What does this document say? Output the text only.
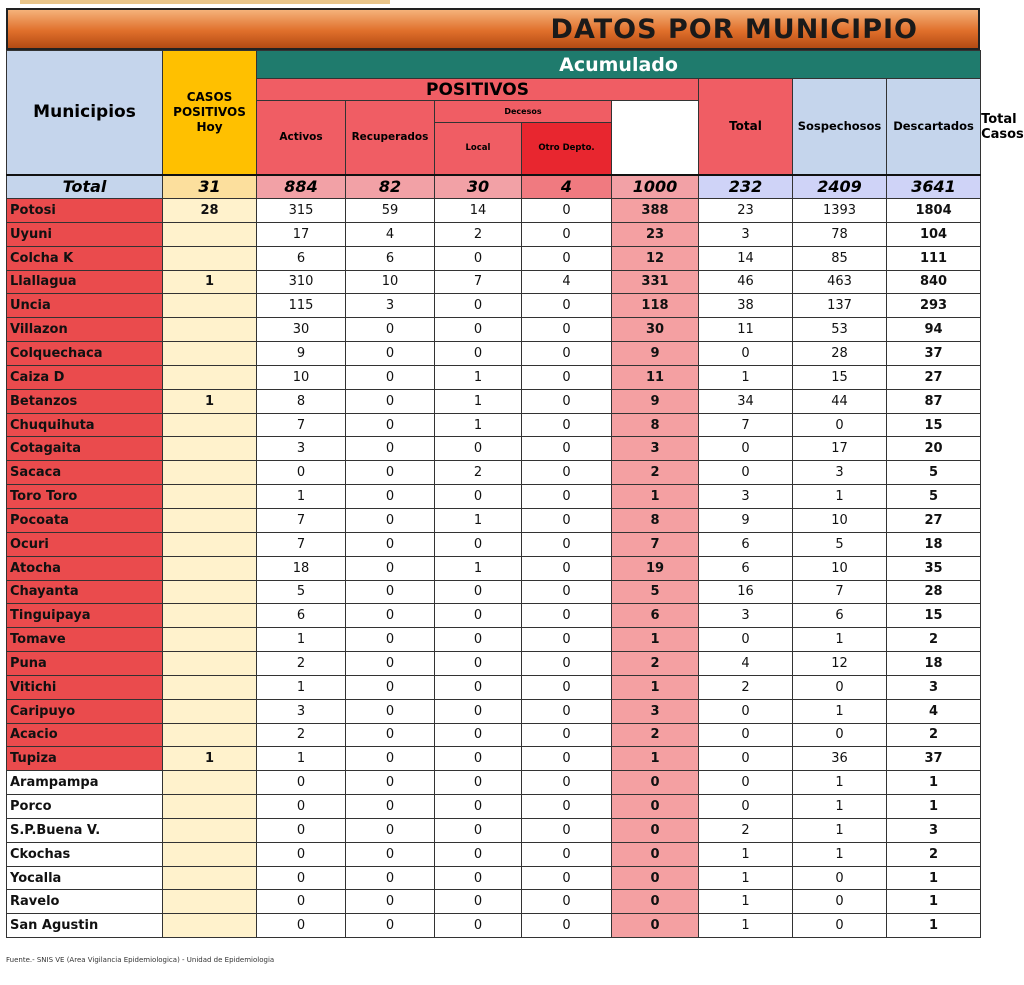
DATOS POR MUNICIPIO
Municipios	CASOS
POSITIVOS
Hoy	Acumulado								
		POSITIVOS					Total	Sospechosos	Descartados	Total Casos
		Activos	Recuperados	Decesos						
				Local	Otro Depto.					
Total	31	884	82	30	4	1000	232	2409	3641	
Potosi	28	315	59	14	0	388	23	1393	1804	
Uyuni		17	4	2	0	23	3	78	104	
Colcha K		6	6	0	0	12	14	85	111	
Llallagua	1	310	10	7	4	331	46	463	840	
Uncia		115	3	0	0	118	38	137	293	
Villazon		30	0	0	0	30	11	53	94	
Colquechaca		9	0	0	0	9	0	28	37	
Caiza D		10	0	1	0	11	1	15	27	
Betanzos	1	8	0	1	0	9	34	44	87	
Chuquihuta		7	0	1	0	8	7	0	15	
Cotagaita		3	0	0	0	3	0	17	20	
Sacaca		0	0	2	0	2	0	3	5	
Toro Toro		1	0	0	0	1	3	1	5	
Pocoata		7	0	1	0	8	9	10	27	
Ocuri		7	0	0	0	7	6	5	18	
Atocha		18	0	1	0	19	6	10	35	
Chayanta		5	0	0	0	5	16	7	28	
Tinguipaya		6	0	0	0	6	3	6	15	
Tomave		1	0	0	0	1	0	1	2	
Puna		2	0	0	0	2	4	12	18	
Vitichi		1	0	0	0	1	2	0	3	
Caripuyo		3	0	0	0	3	0	1	4	
Acacio		2	0	0	0	2	0	0	2	
Tupiza	1	1	0	0	0	1	0	36	37	
Arampampa		0	0	0	0	0	0	1	1	
Porco		0	0	0	0	0	0	1	1	
S.P.Buena V.		0	0	0	0	0	2	1	3	
Ckochas		0	0	0	0	0	1	1	2	
Yocalla		0	0	0	0	0	1	0	1	
Ravelo		0	0	0	0	0	1	0	1	
San Agustin		0	0	0	0	0	1	0	1	
Fuente.- SNIS VE (Area Vigilancia Epidemiologica) - Unidad de Epidemiologia
